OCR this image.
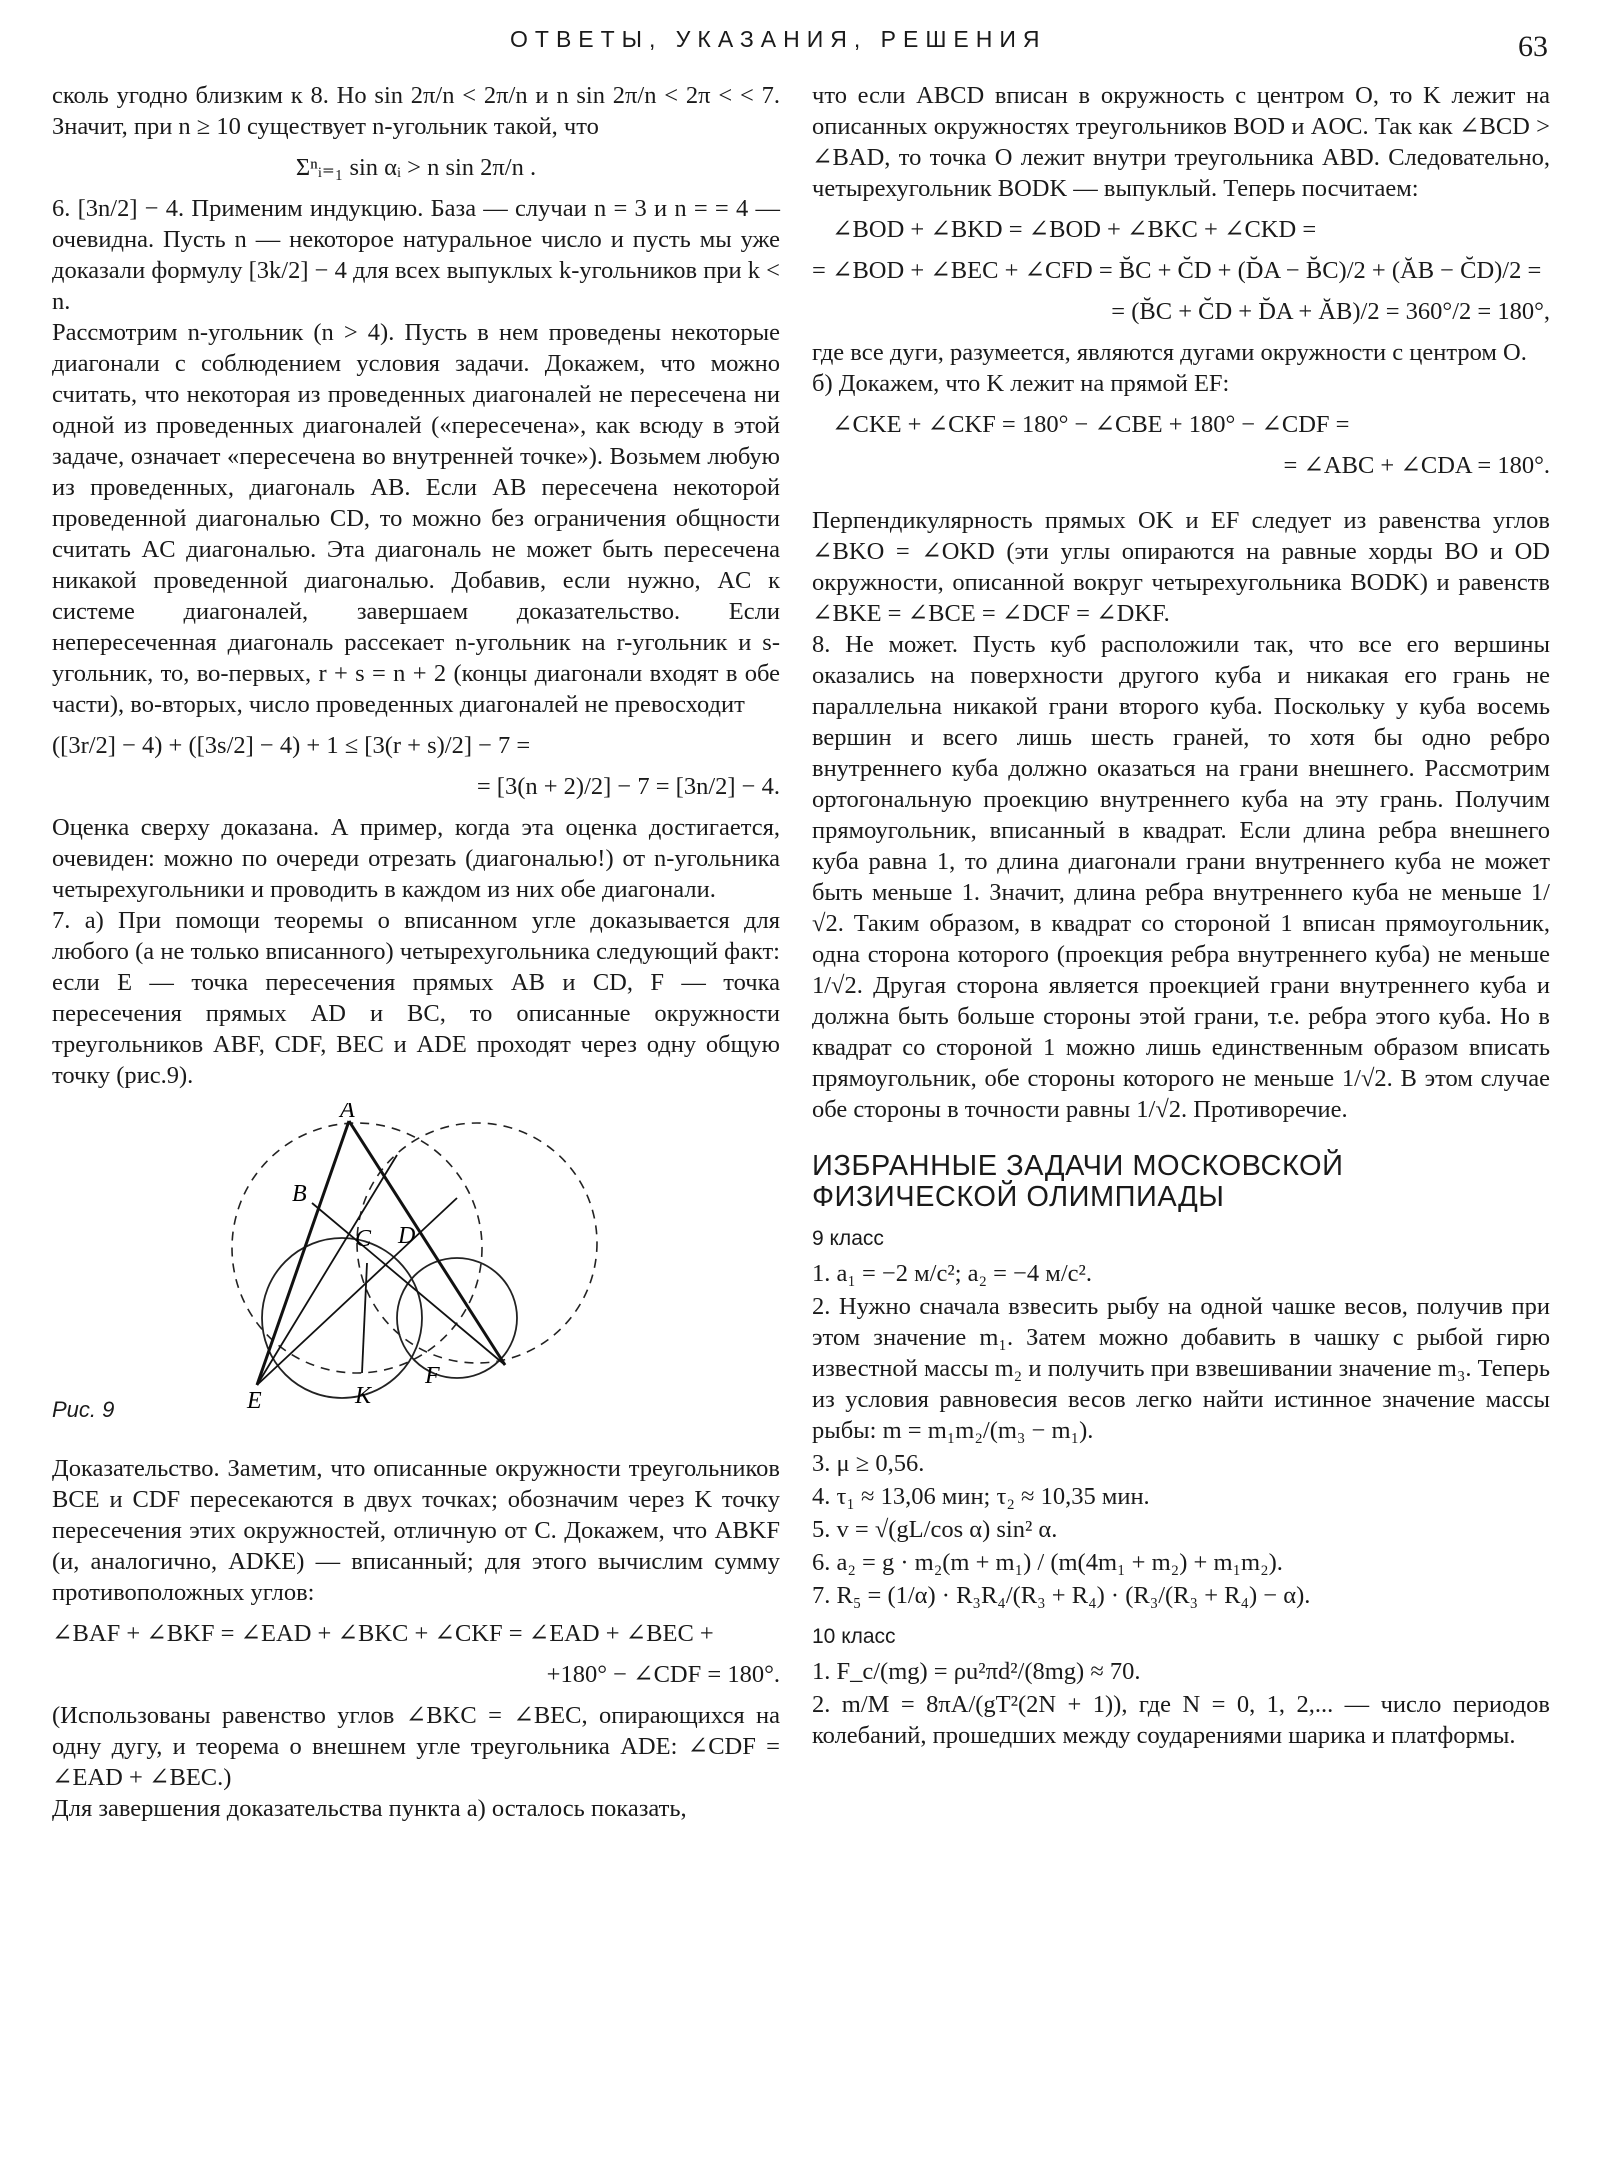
ОТВЕТЫ, УКАЗАНИЯ, РЕШЕНИЯ	63

сколь угодно близким к 8. Но sin 2π/n < 2π/n и n sin 2π/n < 2π < < 7. Значит, при n ≥ 10 существует n-угольник такой, что

Σⁿᵢ₌₁ sin αᵢ > n sin 2π/n .

6. [3n/2] − 4. Применим индукцию. База — случаи n = 3 и n = = 4 — очевидна. Пусть n — некоторое натуральное число и пусть мы уже доказали формулу [3k/2] − 4 для всех выпуклых k-угольников при k < n.

Рассмотрим n-угольник (n > 4). Пусть в нем проведены некоторые диагонали с соблюдением условия задачи. Докажем, что можно считать, что некоторая из проведенных диагоналей не пересечена ни одной из проведенных диагоналей («пересечена», как всюду в этой задаче, означает «пересечена во внутренней точке»). Возьмем любую из проведенных, диагональ AB. Если AB пересечена некоторой проведенной диагональю CD, то можно без ограничения общности считать AC диагональю. Эта диагональ не может быть пересечена никакой проведенной диагональю. Добавив, если нужно, AC к системе диагоналей, завершаем доказательство. Если непересеченная диагональ рассекает n-угольник на r-угольник и s-угольник, то, во-первых, r + s = n + 2 (концы диагонали входят в обе части), во-вторых, число проведенных диагоналей не превосходит

([3r/2] − 4) + ([3s/2] − 4) + 1 ≤ [3(r + s)/2] − 7 =
= [3(n + 2)/2] − 7 = [3n/2] − 4.

Оценка сверху доказана. А пример, когда эта оценка достигается, очевиден: можно по очереди отрезать (диагональю!) от n-угольника четырехугольники и проводить в каждом из них обе диагонали.

7. а) При помощи теоремы о вписанном угле доказывается для любого (а не только вписанного) четырехугольника следующий факт: если E — точка пересечения прямых AB и CD, F — точка пересечения прямых AD и BC, то описанные окружности треугольников ABF, CDF, BEC и ADE проходят через одну общую точку (рис.9).

A
B
C D
E
F
K
Рис. 9

Доказательство. Заметим, что описанные окружности треугольников BCE и CDF пересекаются в двух точках; обозначим через K точку пересечения этих окружностей, отличную от C. Докажем, что ABKF (и, аналогично, ADKE) — вписанный; для этого вычислим сумму противоположных углов:

∠BAF + ∠BKF = ∠EAD + ∠BKC + ∠CKF = ∠EAD + ∠BEC +
+180° − ∠CDF = 180°.

(Использованы равенство углов ∠BKC = ∠BEC, опирающихся на одну дугу, и теорема о внешнем угле треугольника ADE: ∠CDF = ∠EAD + ∠BEC.)

Для завершения доказательства пункта а) осталось показать,

что если ABCD вписан в окружность с центром O, то K лежит на описанных окружностях треугольников BOD и AOC. Так как ∠BCD > ∠BAD, то точка O лежит внутри треугольника ABD. Следовательно, четырехугольник BODK — выпуклый. Теперь посчитаем:

∠BOD + ∠BKD = ∠BOD + ∠BKC + ∠CKD =
= ∠BOD + ∠BEC + ∠CFD = B̆C + C̆D + (D̆A − B̆C)/2 + (ĂB − C̆D)/2 =
= (B̆C + C̆D + D̆A + ĂB)/2 = 360°/2 = 180°,

где все дуги, разумеется, являются дугами окружности с центром O.

б) Докажем, что K лежит на прямой EF:

∠CKE + ∠CKF = 180° − ∠CBE + 180° − ∠CDF =
= ∠ABC + ∠CDA = 180°.

Перпендикулярность прямых OK и EF следует из равенства углов ∠BKO = ∠OKD (эти углы опираются на равные хорды BO и OD окружности, описанной вокруг четырехугольника BODK) и равенств ∠BKE = ∠BCE = ∠DCF = ∠DKF.

8. Не может. Пусть куб расположили так, что все его вершины оказались на поверхности другого куба и никакая его грань не параллельна никакой грани второго куба. Поскольку у куба восемь вершин и всего лишь шесть граней, то хотя бы одно ребро внутреннего куба должно оказаться на грани внешнего. Рассмотрим ортогональную проекцию внутреннего куба на эту грань. Получим прямоугольник, вписанный в квадрат. Если длина ребра внешнего куба равна 1, то длина диагонали грани внутреннего куба не может быть меньше 1. Значит, длина ребра внутреннего куба не меньше 1/√2. Таким образом, в квадрат со стороной 1 вписан прямоугольник, одна сторона которого (проекция ребра внутреннего куба) не меньше 1/√2. Другая сторона является проекцией грани внутреннего куба и должна быть больше стороны этой грани, т.е. ребра этого куба. Но в квадрат со стороной 1 можно лишь единственным образом вписать прямоугольник, обе стороны которого не меньше 1/√2. В этом случае обе стороны в точности равны 1/√2. Противоречие.

ИЗБРАННЫЕ ЗАДАЧИ МОСКОВСКОЙ
ФИЗИЧЕСКОЙ ОЛИМПИАДЫ
9 класс

1. a₁ = −2 м/с²; a₂ = −4 м/с².

2. Нужно сначала взвесить рыбу на одной чашке весов, получив при этом значение m₁. Затем можно добавить в чашку с рыбой гирю известной массы m₂ и получить при взвешивании значение m₃. Теперь из условия равновесия весов легко найти истинное значение массы рыбы: m = m₁m₂/(m₃ − m₁).

3. μ ≥ 0,56.

4. τ₁ ≈ 13,06 мин; τ₂ ≈ 10,35 мин.

5. v = √(gL/cos α) sin² α.

6. a₂ = g · m₂(m + m₁) / (m(4m₁ + m₂) + m₁m₂).

7. R₅ = (1/α) · R₃R₄/(R₃ + R₄) · (R₃/(R₃ + R₄) − α).

10 класс

1. F_c/(mg) = ρu²πd²/(8mg) ≈ 70.

2. m/M = 8πA/(gT²(2N + 1)), где N = 0, 1, 2,... — число периодов колебаний, прошедших между соударениями шарика и платформы.
